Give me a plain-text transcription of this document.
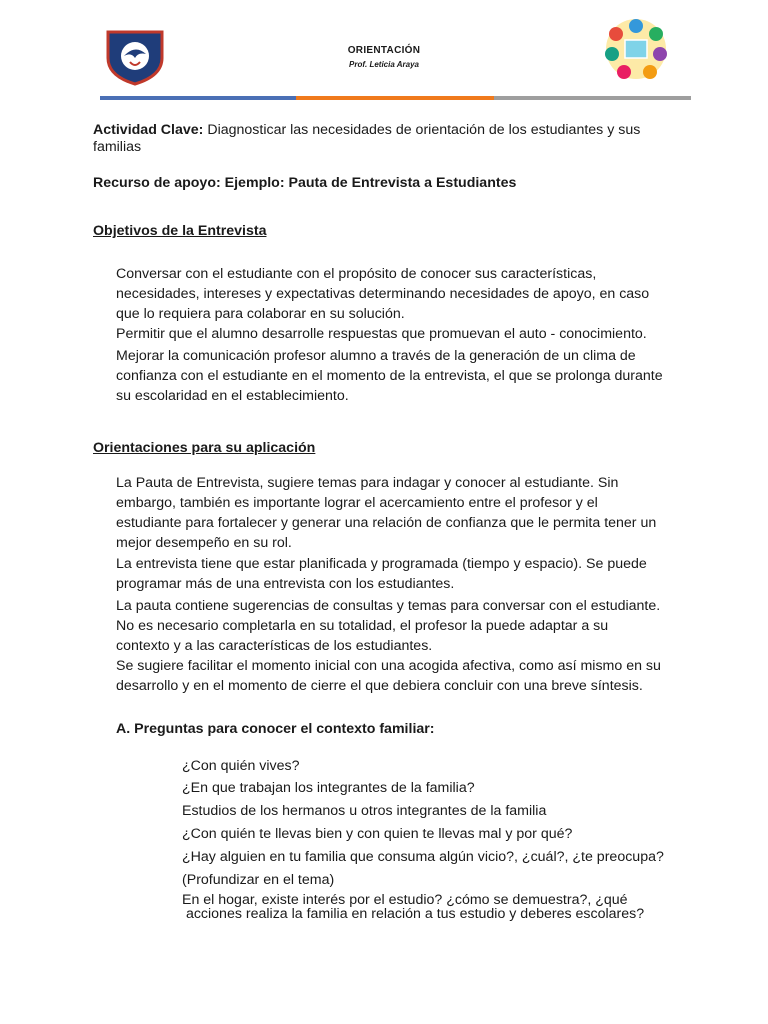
ORIENTACIÓN
Prof. Leticia Araya
Actividad Clave: Diagnosticar las necesidades de orientación de los estudiantes y sus
familias
Recurso de apoyo: Ejemplo: Pauta de Entrevista a Estudiantes
Objetivos de la Entrevista
Conversar con el estudiante con el propósito de conocer sus características,
necesidades, intereses y expectativas determinando necesidades de apoyo, en caso
que lo requiera para colaborar en su solución.
Permitir que el alumno desarrolle respuestas que promuevan el auto - conocimiento.
Mejorar la comunicación profesor alumno a través de la generación de un clima de
confianza con el estudiante en el momento de la entrevista, el que se prolonga durante
su escolaridad en el establecimiento.
Orientaciones para su aplicación
La Pauta de Entrevista, sugiere temas para indagar y conocer al estudiante. Sin
embargo, también es importante lograr el acercamiento entre el profesor y el
estudiante para fortalecer y generar una relación de confianza que le permita tener un
mejor desempeño en su rol.
La entrevista tiene que estar planificada y programada (tiempo y espacio). Se puede
programar más de una entrevista con los estudiantes.
La pauta contiene sugerencias de consultas y temas para conversar con el estudiante.
No es necesario completarla en su totalidad, el profesor la puede adaptar a su
contexto y a las características de los estudiantes.
Se sugiere facilitar el momento inicial con una acogida afectiva, como así mismo en su
desarrollo y en el momento de cierre el que debiera concluir con una breve síntesis.
A. Preguntas para conocer el contexto familiar:
¿Con quién vives?
¿En que trabajan los integrantes de la familia?
Estudios de los hermanos u otros integrantes de la familia
¿Con quién te llevas bien y con quien te llevas mal y por qué?
¿Hay alguien en tu familia que consuma algún vicio?, ¿cuál?, ¿te preocupa?
(Profundizar en el tema)
En el hogar, existe interés por el estudio? ¿cómo se demuestra?, ¿qué
acciones realiza la familia en relación a tus estudio y deberes escolares?
